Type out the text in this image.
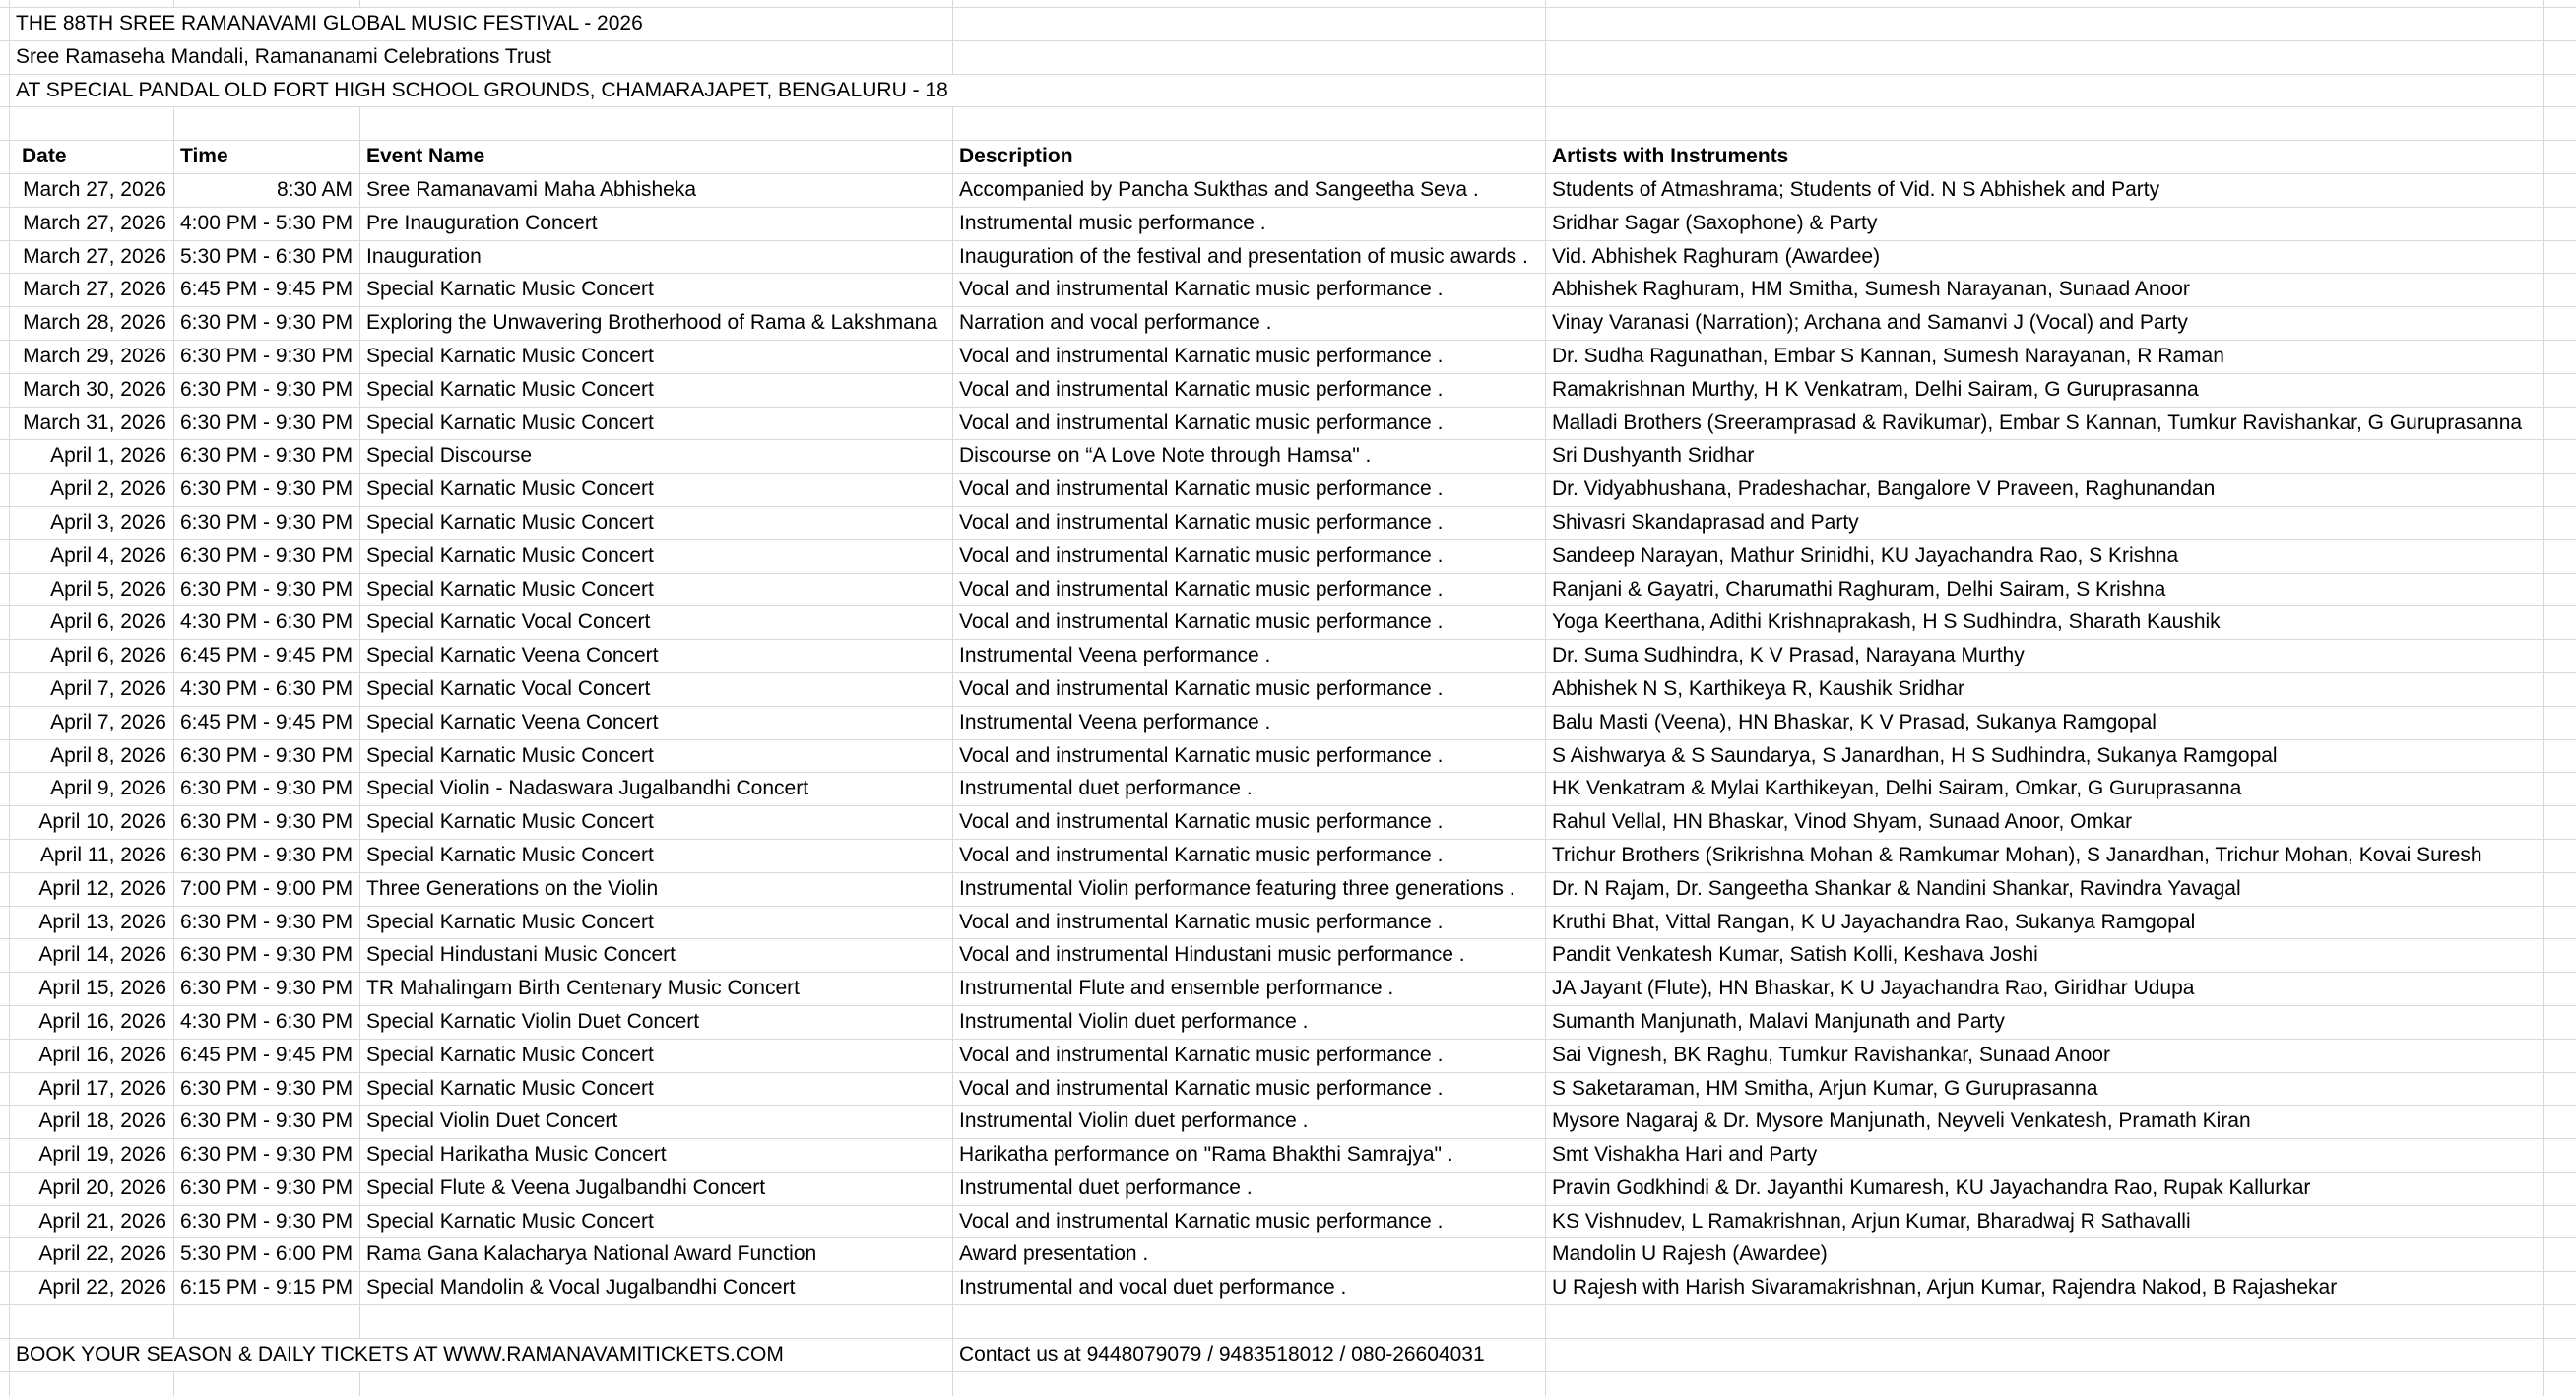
THE 88TH SREE RAMANAVAMI GLOBAL MUSIC FESTIVAL - 2026
Sree Ramaseha Mandali, Ramananami Celebrations Trust
AT SPECIAL PANDAL OLD FORT HIGH SCHOOL GROUNDS, CHAMARAJAPET, BENGALURU - 18
Date	Time	Event Name	Description	Artists with Instruments
March 27, 2026	8:30 AM Sree Ramanavami Maha Abhisheka	Accompanied by Pancha Sukthas and Sangeetha Seva .	Students of Atmashrama; Students of Vid. N S Abhishek and Party
March 27, 2026 4:00 PM - 5:30 PM Pre Inauguration Concert	Instrumental music performance .	Sridhar Sagar (Saxophone) & Party
March 27, 2026 5:30 PM - 6:30 PM Inauguration	Inauguration of the festival and presentation of music awards .	Vid. Abhishek Raghuram (Awardee)
March 27, 2026 6:45 PM - 9:45 PM Special Karnatic Music Concert	Vocal and instrumental Karnatic music performance .	Abhishek Raghuram, HM Smitha, Sumesh Narayanan, Sunaad Anoor
March 28, 2026 6:30 PM - 9:30 PM Exploring the Unwavering Brotherhood of Rama & Lakshmana	Narration and vocal performance .	Vinay Varanasi (Narration); Archana and Samanvi J (Vocal) and Party
March 29, 2026 6:30 PM - 9:30 PM Special Karnatic Music Concert	Vocal and instrumental Karnatic music performance .	Dr. Sudha Ragunathan, Embar S Kannan, Sumesh Narayanan, R Raman
March 30, 2026 6:30 PM - 9:30 PM Special Karnatic Music Concert	Vocal and instrumental Karnatic music performance .	Ramakrishnan Murthy, H K Venkatram, Delhi Sairam, G Guruprasanna
March 31, 2026 6:30 PM - 9:30 PM Special Karnatic Music Concert	Vocal and instrumental Karnatic music performance .	Malladi Brothers (Sreeramprasad & Ravikumar), Embar S Kannan, Tumkur Ravishankar, G Guruprasanna
April 1, 2026 6:30 PM - 9:30 PM Special Discourse	Discourse on “A Love Note through Hamsa" .	Sri Dushyanth Sridhar
April 2, 2026 6:30 PM - 9:30 PM Special Karnatic Music Concert	Vocal and instrumental Karnatic music performance .	Dr. Vidyabhushana, Pradeshachar, Bangalore V Praveen, Raghunandan
April 3, 2026 6:30 PM - 9:30 PM Special Karnatic Music Concert	Vocal and instrumental Karnatic music performance .	Shivasri Skandaprasad and Party
April 4, 2026 6:30 PM - 9:30 PM Special Karnatic Music Concert	Vocal and instrumental Karnatic music performance .	Sandeep Narayan, Mathur Srinidhi, KU Jayachandra Rao, S Krishna
April 5, 2026 6:30 PM - 9:30 PM Special Karnatic Music Concert	Vocal and instrumental Karnatic music performance .	Ranjani & Gayatri, Charumathi Raghuram, Delhi Sairam, S Krishna
April 6, 2026 4:30 PM - 6:30 PM Special Karnatic Vocal Concert	Vocal and instrumental Karnatic music performance .	Yoga Keerthana, Adithi Krishnaprakash, H S Sudhindra, Sharath Kaushik
April 6, 2026 6:45 PM - 9:45 PM Special Karnatic Veena Concert	Instrumental Veena performance .	Dr. Suma Sudhindra, K V Prasad, Narayana Murthy
April 7, 2026 4:30 PM - 6:30 PM Special Karnatic Vocal Concert	Vocal and instrumental Karnatic music performance .	Abhishek N S, Karthikeya R, Kaushik Sridhar
April 7, 2026 6:45 PM - 9:45 PM Special Karnatic Veena Concert	Instrumental Veena performance .	Balu Masti (Veena), HN Bhaskar, K V Prasad, Sukanya Ramgopal
April 8, 2026 6:30 PM - 9:30 PM Special Karnatic Music Concert	Vocal and instrumental Karnatic music performance .	S Aishwarya & S Saundarya, S Janardhan, H S Sudhindra, Sukanya Ramgopal
April 9, 2026 6:30 PM - 9:30 PM Special Violin - Nadaswara Jugalbandhi Concert	Instrumental duet performance .	HK Venkatram & Mylai Karthikeyan, Delhi Sairam, Omkar, G Guruprasanna
April 10, 2026 6:30 PM - 9:30 PM Special Karnatic Music Concert	Vocal and instrumental Karnatic music performance .	Rahul Vellal, HN Bhaskar, Vinod Shyam, Sunaad Anoor, Omkar
April 11, 2026 6:30 PM - 9:30 PM Special Karnatic Music Concert	Vocal and instrumental Karnatic music performance .	Trichur Brothers (Srikrishna Mohan & Ramkumar Mohan), S Janardhan, Trichur Mohan, Kovai Suresh
April 12, 2026 7:00 PM - 9:00 PM Three Generations on the Violin	Instrumental Violin performance featuring three generations .	Dr. N Rajam, Dr. Sangeetha Shankar & Nandini Shankar, Ravindra Yavagal
April 13, 2026 6:30 PM - 9:30 PM Special Karnatic Music Concert	Vocal and instrumental Karnatic music performance .	Kruthi Bhat, Vittal Rangan, K U Jayachandra Rao, Sukanya Ramgopal
April 14, 2026 6:30 PM - 9:30 PM Special Hindustani Music Concert	Vocal and instrumental Hindustani music performance .	Pandit Venkatesh Kumar, Satish Kolli, Keshava Joshi
April 15, 2026 6:30 PM - 9:30 PM TR Mahalingam Birth Centenary Music Concert	Instrumental Flute and ensemble performance .	JA Jayant (Flute), HN Bhaskar, K U Jayachandra Rao, Giridhar Udupa
April 16, 2026 4:30 PM - 6:30 PM Special Karnatic Violin Duet Concert	Instrumental Violin duet performance .	Sumanth Manjunath, Malavi Manjunath and Party
April 16, 2026 6:45 PM - 9:45 PM Special Karnatic Music Concert	Vocal and instrumental Karnatic music performance .	Sai Vignesh, BK Raghu, Tumkur Ravishankar, Sunaad Anoor
April 17, 2026 6:30 PM - 9:30 PM Special Karnatic Music Concert	Vocal and instrumental Karnatic music performance .	S Saketaraman, HM Smitha, Arjun Kumar, G Guruprasanna
April 18, 2026 6:30 PM - 9:30 PM Special Violin Duet Concert	Instrumental Violin duet performance .	Mysore Nagaraj & Dr. Mysore Manjunath, Neyveli Venkatesh, Pramath Kiran
April 19, 2026 6:30 PM - 9:30 PM Special Harikatha Music Concert	Harikatha performance on "Rama Bhakthi Samrajya" .	Smt Vishakha Hari and Party
April 20, 2026 6:30 PM - 9:30 PM Special Flute & Veena Jugalbandhi Concert	Instrumental duet performance .	Pravin Godkhindi & Dr. Jayanthi Kumaresh, KU Jayachandra Rao, Rupak Kallurkar
April 21, 2026 6:30 PM - 9:30 PM Special Karnatic Music Concert	Vocal and instrumental Karnatic music performance .	KS Vishnudev, L Ramakrishnan, Arjun Kumar, Bharadwaj R Sathavalli
April 22, 2026 5:30 PM - 6:00 PM Rama Gana Kalacharya National Award Function	Award presentation .	Mandolin U Rajesh (Awardee)
April 22, 2026 6:15 PM - 9:15 PM Special Mandolin & Vocal Jugalbandhi Concert	Instrumental and vocal duet performance .	U Rajesh with Harish Sivaramakrishnan, Arjun Kumar, Rajendra Nakod, B Rajashekar
BOOK YOUR SEASON & DAILY TICKETS AT WWW.RAMANAVAMITICKETS.COM	Contact us at 9448079079 / 9483518012 / 080-26604031
